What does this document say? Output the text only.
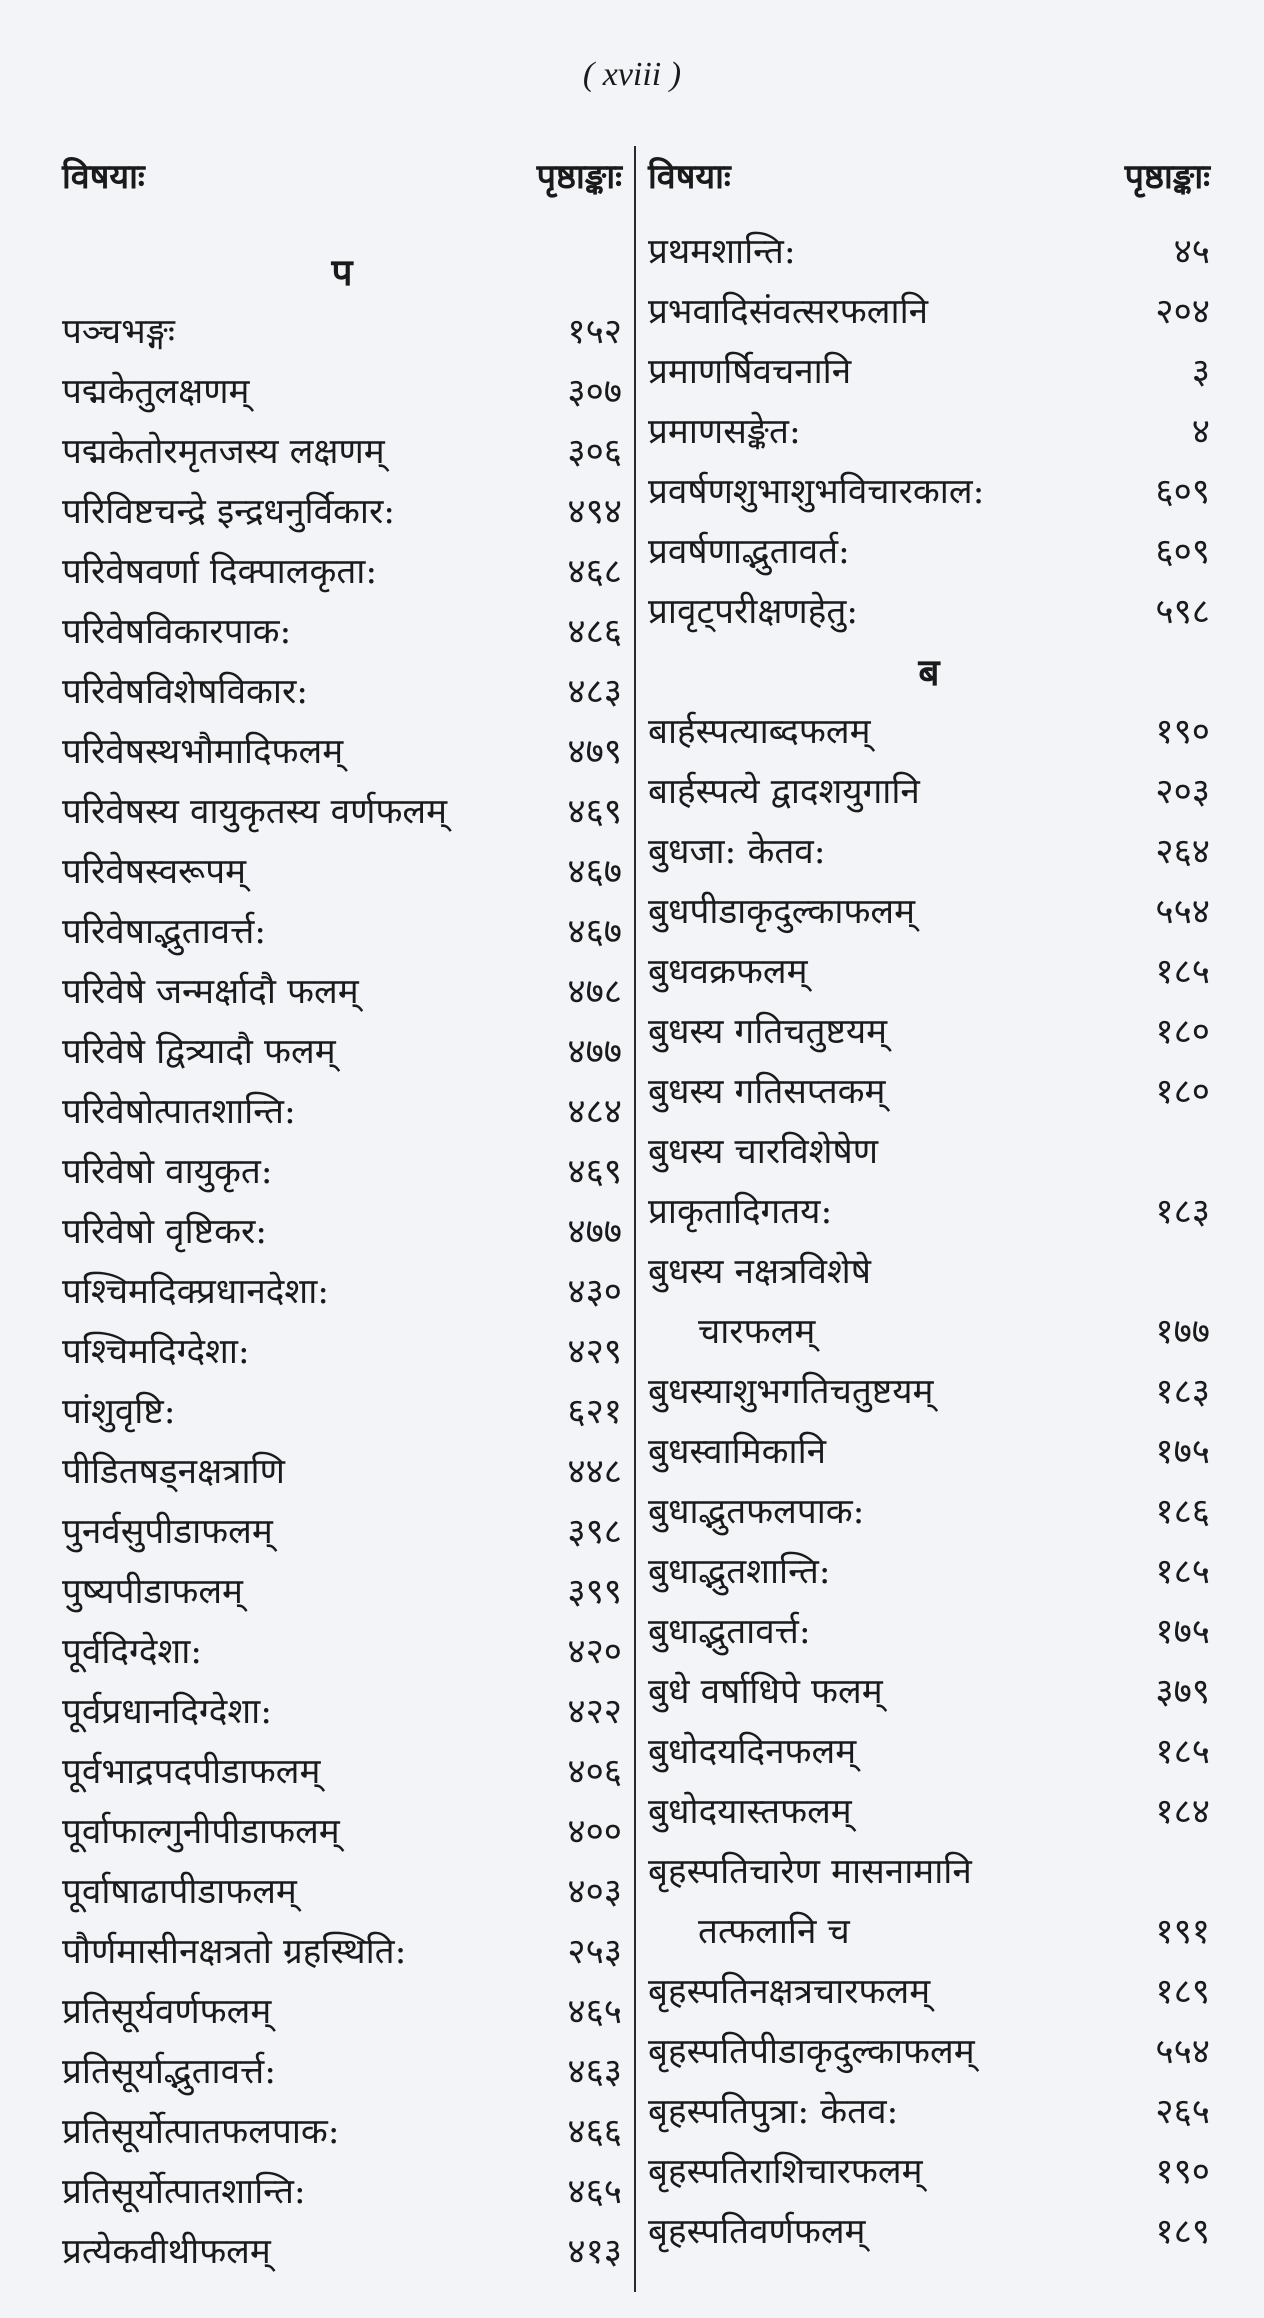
( xviii )
विषयाः	पृष्ठाङ्काः
प
पञ्चभङ्गः	१५२
पद्मकेतुलक्षणम्	३०७
पद्मकेतोरमृतजस्य लक्षणम्	३०६
परिविष्टचन्द्रे इन्द्रधनुर्विकार:	४९४
परिवेषवर्णा दिक्पालकृता:	४६८
परिवेषविकारपाक:	४८६
परिवेषविशेषविकार:	४८३
परिवेषस्थभौमादिफलम्	४७९
परिवेषस्य वायुकृतस्य वर्णफलम्	४६९
परिवेषस्वरूपम्	४६७
परिवेषाद्भुतावर्त्त:	४६७
परिवेषे जन्मर्क्षादौ फलम्	४७८
परिवेषे द्वित्र्यादौ फलम्	४७७
परिवेषोत्पातशान्ति:	४८४
परिवेषो वायुकृत:	४६९
परिवेषो वृष्टिकर:	४७७
पश्चिमदिक्प्रधानदेशा:	४३०
पश्चिमदिग्देशा:	४२९
पांशुवृष्टि:	६२१
पीडितषड्नक्षत्राणि	४४८
पुनर्वसुपीडाफलम्	३९८
पुष्यपीडाफलम्	३९९
पूर्वदिग्देशा:	४२०
पूर्वप्रधानदिग्देशा:	४२२
पूर्वभाद्रपदपीडाफलम्	४०६
पूर्वाफाल्गुनीपीडाफलम्	४००
पूर्वाषाढापीडाफलम्	४०३
पौर्णमासीनक्षत्रतो ग्रहस्थिति:	२५३
प्रतिसूर्यवर्णफलम्	४६५
प्रतिसूर्याद्भुतावर्त्त:	४६३
प्रतिसूर्योत्पातफलपाक:	४६६
प्रतिसूर्योत्पातशान्ति:	४६५
प्रत्येकवीथीफलम्	४१३
विषयाः	पृष्ठाङ्काः
प्रथमशान्ति:	४५
प्रभवादिसंवत्सरफलानि	२०४
प्रमाणर्षिवचनानि	३
प्रमाणसङ्केत:	४
प्रवर्षणशुभाशुभविचारकाल:	६०९
प्रवर्षणाद्भुतावर्त:	६०९
प्रावृट्परीक्षणहेतु:	५९८
ब
बार्हस्पत्याब्दफलम्	१९०
बार्हस्पत्ये द्वादशयुगानि	२०३
बुधजा: केतव:	२६४
बुधपीडाकृदुल्काफलम्	५५४
बुधवक्रफलम्	१८५
बुधस्य गतिचतुष्टयम्	१८०
बुधस्य गतिसप्तकम्	१८०
बुधस्य चारविशेषेण
प्राकृतादिगतय:	१८३
बुधस्य नक्षत्रविशेषे
चारफलम्	१७७
बुधस्याशुभगतिचतुष्टयम्	१८३
बुधस्वामिकानि	१७५
बुधाद्भुतफलपाक:	१८६
बुधाद्भुतशान्ति:	१८५
बुधाद्भुतावर्त्त:	१७५
बुधे वर्षाधिपे फलम्	३७९
बुधोदयदिनफलम्	१८५
बुधोदयास्तफलम्	१८४
बृहस्पतिचारेण मासनामानि
तत्फलानि च	१९१
बृहस्पतिनक्षत्रचारफलम्	१८९
बृहस्पतिपीडाकृदुल्काफलम्	५५४
बृहस्पतिपुत्रा: केतव:	२६५
बृहस्पतिराशिचारफलम्	१९०
बृहस्पतिवर्णफलम्	१८९
